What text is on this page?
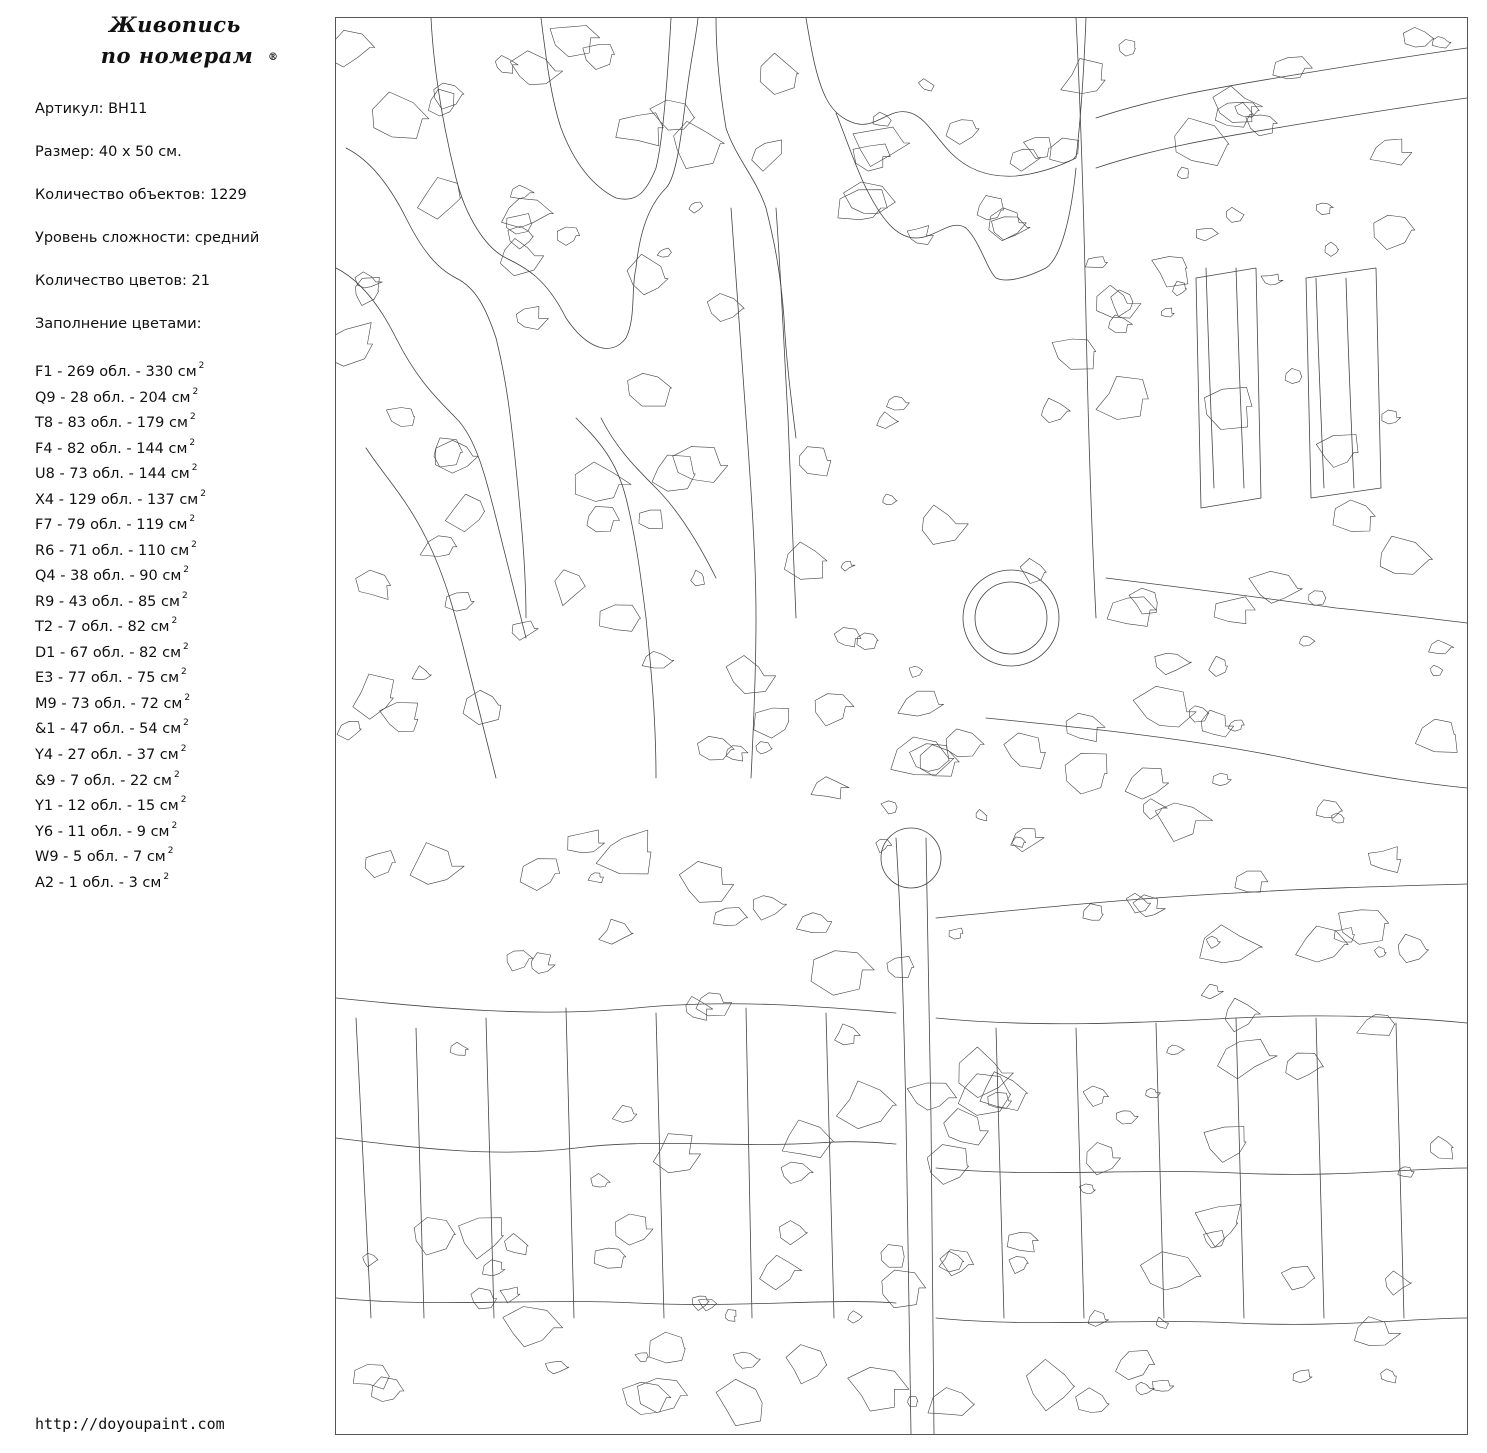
Живопись
по номерам	®

Артикул: BH11

Размер: 40 х 50 см.

Количество объектов: 1229

Уровень сложности: средний

Количество цветов: 21

Заполнение цветами:

F1 - 269 обл. - 330 см $^2$
Q9 - 28 обл. - 204 см $^2$
T8 - 83 обл. - 179 см $^2$
F4 - 82 обл. - 144 см $^2$
U8 - 73 обл. - 144 см $^2$
X4 - 129 обл. - 137 см $^2$
F7 - 79 обл. - 119 см $^2$
R6 - 71 обл. - 110 см $^2$
Q4 - 38 обл. - 90 см $^2$
R9 - 43 обл. - 85 см $^2$
T2 - 7 обл. - 82 см $^2$
D1 - 67 обл. - 82 см $^2$
E3 - 77 обл. - 75 см $^2$
M9 - 73 обл. - 72 см $^2$
&1 - 47 обл. - 54 см $^2$
Y4 - 27 обл. - 37 см $^2$
&9 - 7 обл. - 22 см $^2$
Y1 - 12 обл. - 15 см $^2$
Y6 - 11 обл. - 9 см $^2$
W9 - 5 обл. - 7 см $^2$
A2 - 1 обл. - 3 см $^2$
http://doyoupaint.com
